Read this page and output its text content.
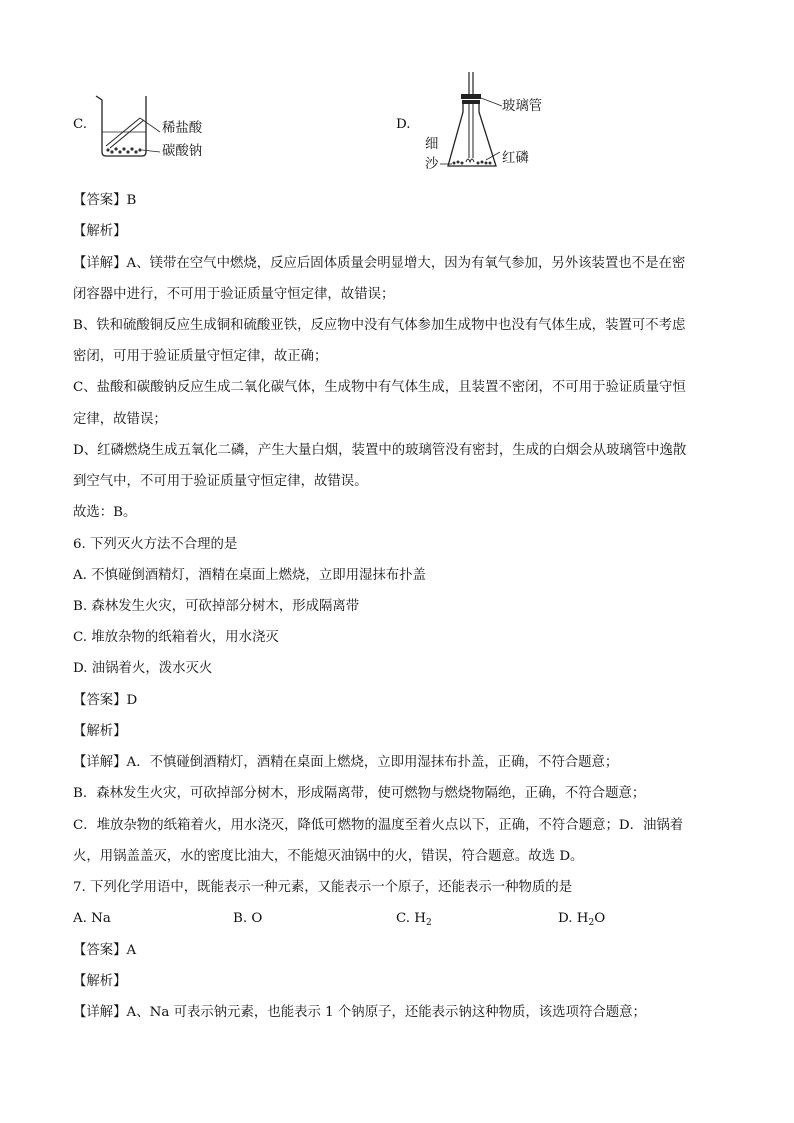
C.	稀盐酸
碳酸钠
D.
玻璃管
细
沙	红磷
【答案】B
【解析】
【详解】A、镁带在空气中燃烧，反应后固体质量会明显增大，因为有氧气参加，另外该装置也不是在密
闭容器中进行，不可用于验证质量守恒定律，故错误；
B、铁和硫酸铜反应生成铜和硫酸亚铁，反应物中没有气体参加生成物中也没有气体生成，装置可不考虑
密闭，可用于验证质量守恒定律，故正确；
C、盐酸和碳酸钠反应生成二氧化碳气体，生成物中有气体生成，且装置不密闭，不可用于验证质量守恒
定律，故错误；
D、红磷燃烧生成五氧化二磷，产生大量白烟，装置中的玻璃管没有密封，生成的白烟会从玻璃管中逸散
到空气中，不可用于验证质量守恒定律，故错误。
故选：B。
6. 下列灭火方法不合理的是
A. 不慎碰倒酒精灯，酒精在桌面上燃烧，立即用湿抹布扑盖
B. 森林发生火灾，可砍掉部分树木，形成隔离带
C. 堆放杂物的纸箱着火，用水浇灭
D. 油锅着火，泼水灭火
【答案】D
【解析】
【详解】A．不慎碰倒酒精灯，酒精在桌面上燃烧，立即用湿抹布扑盖，正确，不符合题意；
B．森林发生火灾，可砍掉部分树木，形成隔离带，使可燃物与燃烧物隔绝，正确，不符合题意；
C．堆放杂物的纸箱着火，用水浇灭，降低可燃物的温度至着火点以下，正确，不符合题意；D．油锅着
火，用锅盖盖灭，水的密度比油大，不能熄灭油锅中的火，错误，符合题意。故选 D。
7. 下列化学用语中，既能表示一种元素，又能表示一个原子，还能表示一种物质的是
A. Na	B. O	C. $H_2$	D. $H_2O$
【答案】A
【解析】
【详解】A、Na 可表示钠元素，也能表示 1 个钠原子，还能表示钠这种物质，该选项符合题意；
